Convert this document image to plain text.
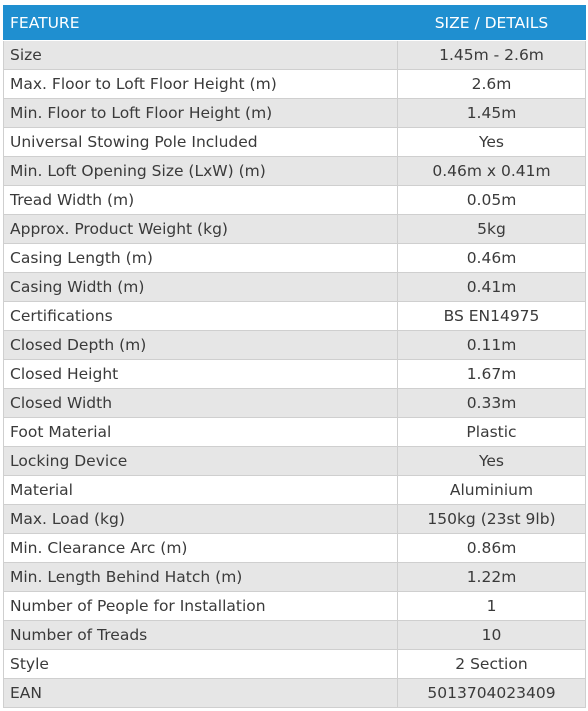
FEATURE	SIZE / DETAILS
Size	1.45m - 2.6m
Max. Floor to Loft Floor Height (m)	2.6m
Min. Floor to Loft Floor Height (m)	1.45m
Universal Stowing Pole Included	Yes
Min. Loft Opening Size (LxW) (m)	0.46m x 0.41m
Tread Width (m)	0.05m
Approx. Product Weight (kg)	5kg
Casing Length (m)	0.46m
Casing Width (m)	0.41m
Certifications	BS EN14975
Closed Depth (m)	0.11m
Closed Height	1.67m
Closed Width	0.33m
Foot Material	Plastic
Locking Device	Yes
Material	Aluminium
Max. Load (kg)	150kg (23st 9lb)
Min. Clearance Arc (m)	0.86m
Min. Length Behind Hatch (m)	1.22m
Number of People for Installation	1
Number of Treads	10
Style	2 Section
EAN	5013704023409
